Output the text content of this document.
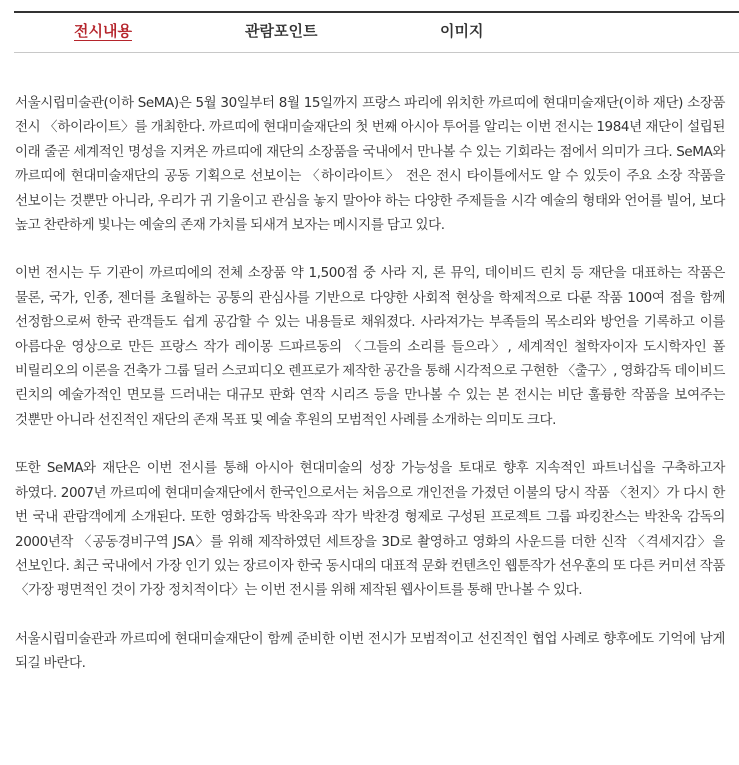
전시내용	관람포인트	이미지

서울시립미술관(이하 SeMA)은 5월 30일부터 8월 15일까지 프랑스 파리에 위치한 까르띠에 현대미술재단(이하 재단) 소장품 전시 〈하이라이트〉를 개최한다. 까르띠에 현대미술재단의 첫 번째 아시아 투어를 알리는 이번 전시는 1984년 재단이 설립된 이래 줄곧 세계적인 명성을 지켜온 까르띠에 재단의 소장품을 국내에서 만나볼 수 있는 기회라는 점에서 의미가 크다. SeMA와 까르띠에 현대미술재단의 공동 기획으로 선보이는 〈하이라이트〉 전은 전시 타이틀에서도 알 수 있듯이 주요 소장 작품을 선보이는 것뿐만 아니라, 우리가 귀 기울이고 관심을 놓지 말아야 하는 다양한 주제들을 시각 예술의 형태와 언어를 빌어, 보다 높고 찬란하게 빛나는 예술의 존재 가치를 되새겨 보자는 메시지를 담고 있다.

이번 전시는 두 기관이 까르띠에의 전체 소장품 약 1,500점 중 사라 지, 론 뮤익, 데이비드 린치 등 재단을 대표하는 작품은 물론, 국가, 인종, 젠더를 초월하는 공통의 관심사를 기반으로 다양한 사회적 현상을 학제적으로 다룬 작품 100여 점을 함께 선정함으로써 한국 관객들도 쉽게 공감할 수 있는 내용들로 채워졌다. 사라져가는 부족들의 목소리와 방언을 기록하고 이를 아름다운 영상으로 만든 프랑스 작가 레이몽 드파르동의 〈그들의 소리를 들으라〉, 세계적인 철학자이자 도시학자인 폴 비릴리오의 이론을 건축가 그룹 딜러 스코피디오 렌프로가 제작한 공간을 통해 시각적으로 구현한 〈출구〉, 영화감독 데이비드 린치의 예술가적인 면모를 드러내는 대규모 판화 연작 시리즈 등을 만나볼 수 있는 본 전시는 비단 훌륭한 작품을 보여주는 것뿐만 아니라 선진적인 재단의 존재 목표 및 예술 후원의 모범적인 사례를 소개하는 의미도 크다.

또한 SeMA와 재단은 이번 전시를 통해 아시아 현대미술의 성장 가능성을 토대로 향후 지속적인 파트너십을 구축하고자 하였다. 2007년 까르띠에 현대미술재단에서 한국인으로서는 처음으로 개인전을 가졌던 이불의 당시 작품 〈천지〉가 다시 한 번 국내 관람객에게 소개된다. 또한 영화감독 박찬욱과 작가 박찬경 형제로 구성된 프로젝트 그룹 파킹찬스는 박찬욱 감독의 2000년작 〈공동경비구역 JSA〉를 위해 제작하였던 세트장을 3D로 촬영하고 영화의 사운드를 더한 신작 〈격세지감〉을 선보인다. 최근 국내에서 가장 인기 있는 장르이자 한국 동시대의 대표적 문화 컨텐츠인 웹툰작가 선우훈의 또 다른 커미션 작품 〈가장 평면적인 것이 가장 정치적이다〉는 이번 전시를 위해 제작된 웹사이트를 통해 만나볼 수 있다.

서울시립미술관과 까르띠에 현대미술재단이 함께 준비한 이번 전시가 모범적이고 선진적인 협업 사례로 향후에도 기억에 남게 되길 바란다.
